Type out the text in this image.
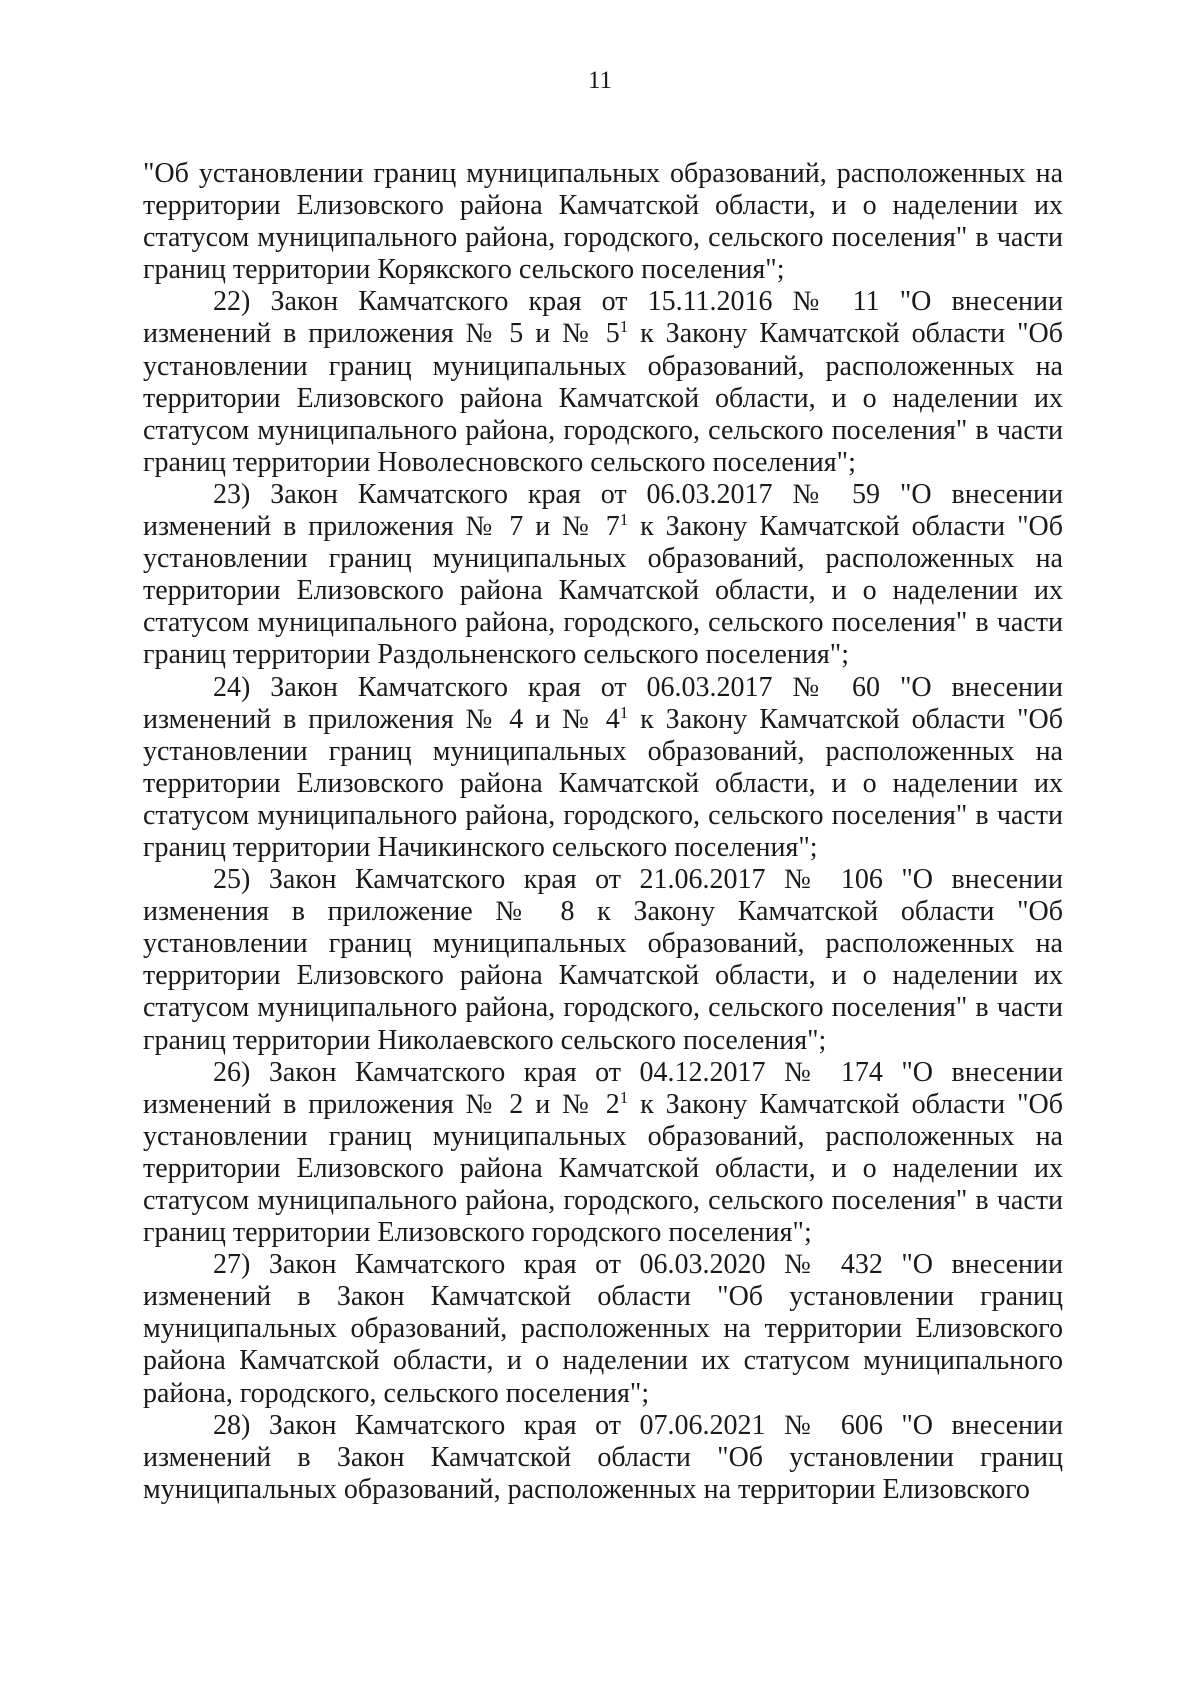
11

"Об установлении границ муниципальных образований, расположенных на территории Елизовского района Камчатской области, и о наделении их статусом муниципального района, городского, сельского поселения" в части границ территории Корякского сельского поселения";

22) Закон Камчатского края от 15.11.2016 № 11 "О внесении изменений в приложения № 5 и № $5^1$ к Закону Камчатской области "Об установлении границ муниципальных образований, расположенных на территории Елизовского района Камчатской области, и о наделении их статусом муниципального района, городского, сельского поселения" в части границ территории Новолесновского сельского поселения";

23) Закон Камчатского края от 06.03.2017 № 59 "О внесении изменений в приложения № 7 и № $7^1$ к Закону Камчатской области "Об установлении границ муниципальных образований, расположенных на территории Елизовского района Камчатской области, и о наделении их статусом муниципального района, городского, сельского поселения" в части границ территории Раздольненского сельского поселения";

24) Закон Камчатского края от 06.03.2017 № 60 "О внесении изменений в приложения № 4 и № $4^1$ к Закону Камчатской области "Об установлении границ муниципальных образований, расположенных на территории Елизовского района Камчатской области, и о наделении их статусом муниципального района, городского, сельского поселения" в части границ территории Начикинского сельского поселения";

25) Закон Камчатского края от 21.06.2017 № 106 "О внесении изменения в приложение № 8 к Закону Камчатской области "Об установлении границ муниципальных образований, расположенных на территории Елизовского района Камчатской области, и о наделении их статусом муниципального района, городского, сельского поселения" в части границ территории Николаевского сельского поселения";

26) Закон Камчатского края от 04.12.2017 № 174 "О внесении изменений в приложения № 2 и № $2^1$ к Закону Камчатской области "Об установлении границ муниципальных образований, расположенных на территории Елизовского района Камчатской области, и о наделении их статусом муниципального района, городского, сельского поселения" в части границ территории Елизовского городского поселения";

27) Закон Камчатского края от 06.03.2020 № 432 "О внесении изменений в Закон Камчатской области "Об установлении границ муниципальных образований, расположенных на территории Елизовского района Камчатской области, и о наделении их статусом муниципального района, городского, сельского поселения";

28) Закон Камчатского края от 07.06.2021 № 606 "О внесении изменений в Закон Камчатской области "Об установлении границ муниципальных образований, расположенных на территории Елизовского
